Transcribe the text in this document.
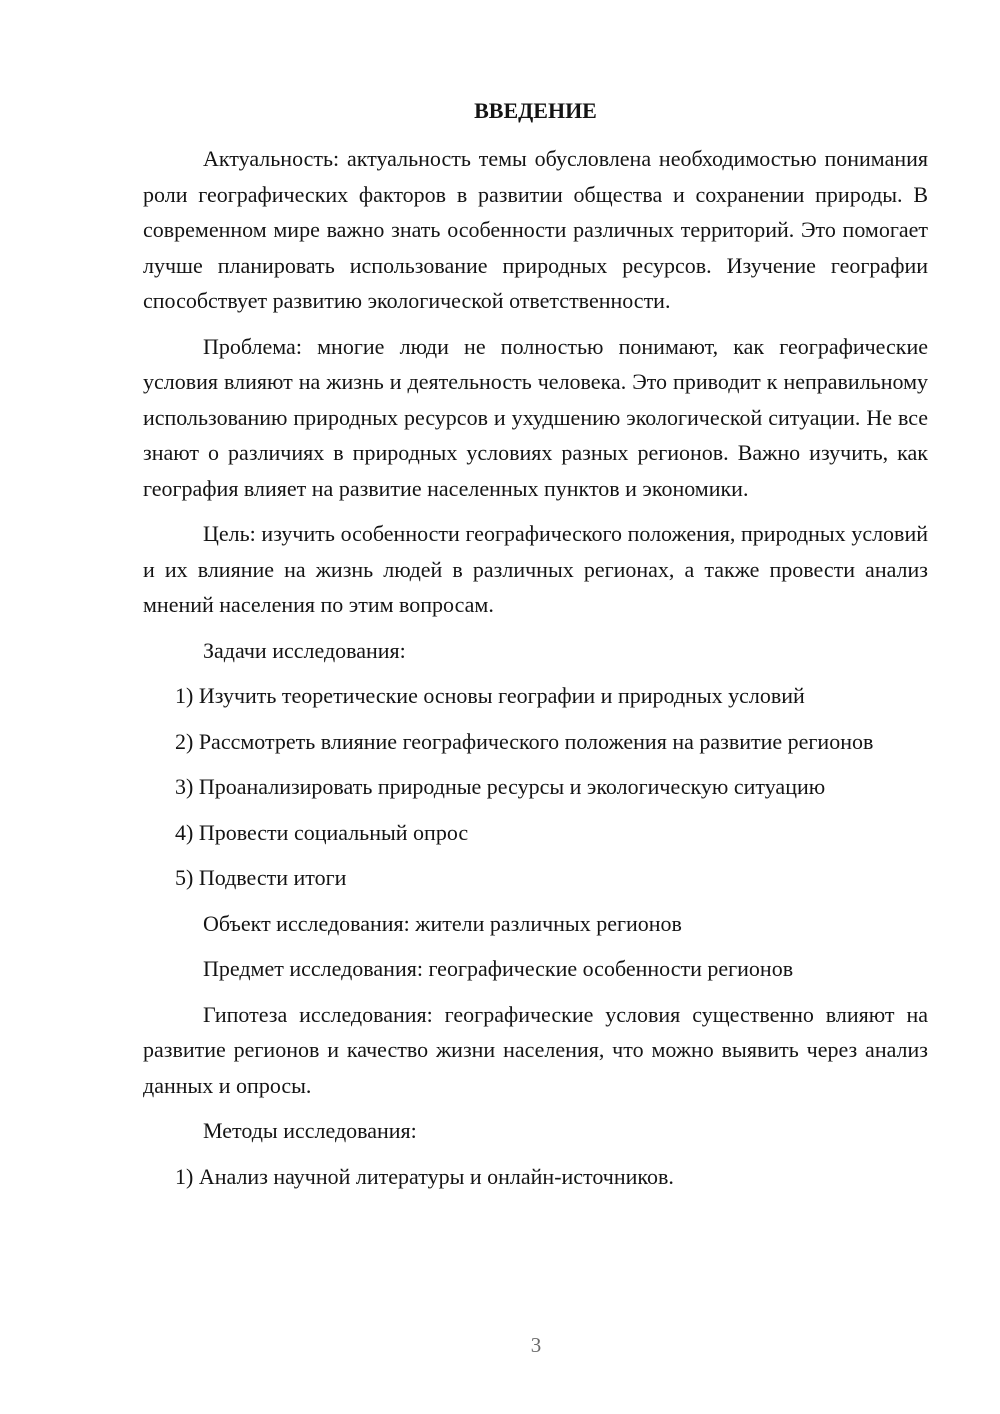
ВВЕДЕНИЕ

Актуальность: актуальность темы обусловлена необходимостью понимания роли географических факторов в развитии общества и сохранении природы. В современном мире важно знать особенности различных территорий. Это помогает лучше планировать использование природных ресурсов. Изучение географии способствует развитию экологической ответственности.

Проблема: многие люди не полностью понимают, как географические условия влияют на жизнь и деятельность человека. Это приводит к неправильному использованию природных ресурсов и ухудшению экологической ситуации. Не все знают о различиях в природных условиях разных регионов. Важно изучить, как география влияет на развитие населенных пунктов и экономики.

Цель: изучить особенности географического положения, природных условий и их влияние на жизнь людей в различных регионах, а также провести анализ мнений населения по этим вопросам.

Задачи исследования:

1) Изучить теоретические основы географии и природных условий

2) Рассмотреть влияние географического положения на развитие регионов

3) Проанализировать природные ресурсы и экологическую ситуацию

4) Провести социальный опрос

5) Подвести итоги

Объект исследования: жители различных регионов

Предмет исследования: географические особенности регионов

Гипотеза исследования: географические условия существенно влияют на развитие регионов и качество жизни населения, что можно выявить через анализ данных и опросы.

Методы исследования:

1) Анализ научной литературы и онлайн-источников.

3
